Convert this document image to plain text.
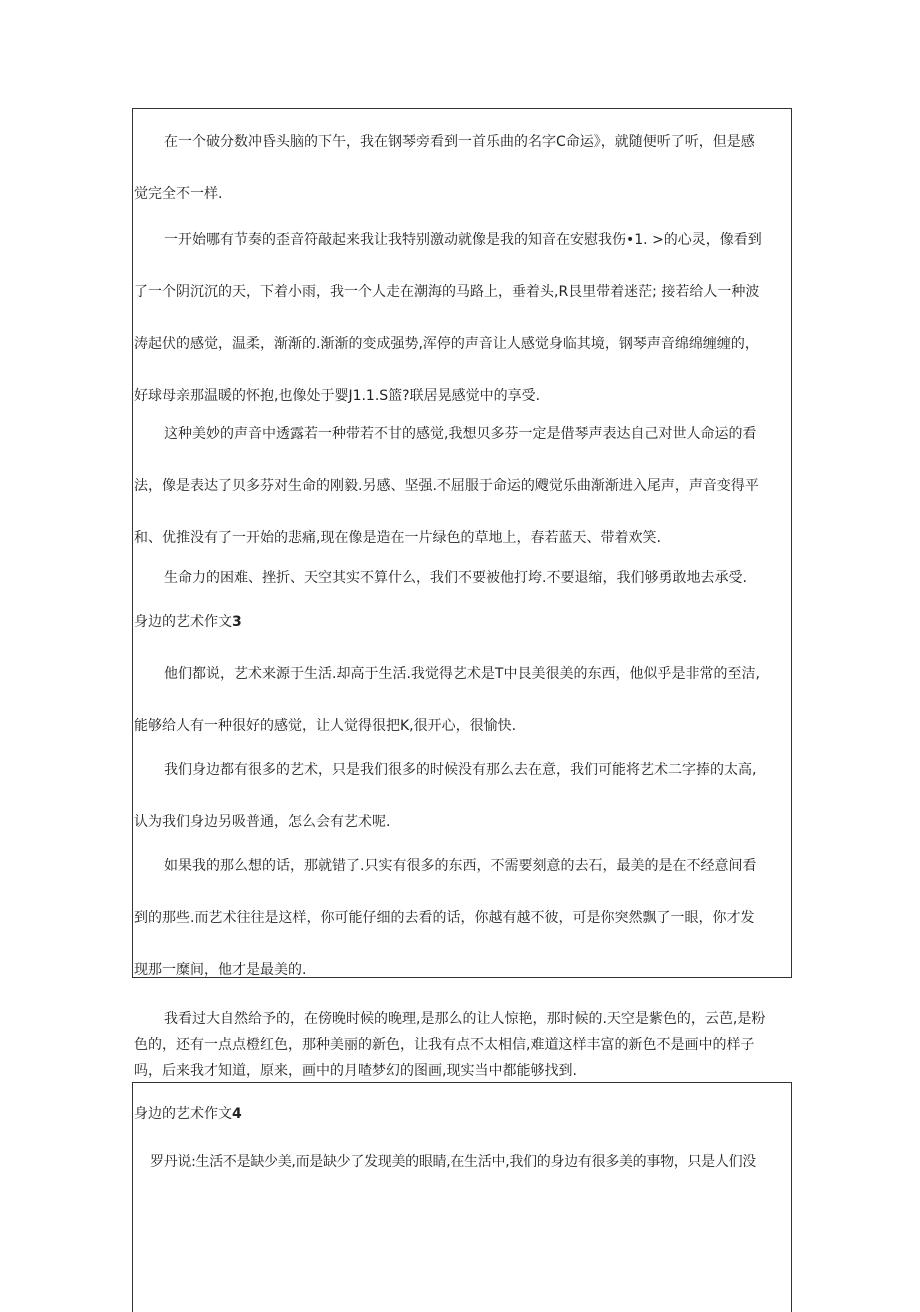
在一个破分数冲昏头脑的下午，我在钢琴旁看到一首乐曲的名字C命运》，就随便听了听，但是感
觉完全不一样.
一开始哪有节奏的歪音符敲起来我让我特别激动就像是我的知音在安慰我伤•1. >的心灵，像看到
了一个阴沉沉的天，下着小雨，我一个人走在潮海的马路上，垂着头,R艮里带着迷茫; 接若给人一种波
涛起伏的感觉，温柔，渐渐的.渐渐的变成强势,浑停的声音让人感觉身临其境，钢琴声音绵绵缠缠的，
好球母亲那温暖的怀抱,也像处于婴J1.1.S篮?联居晃感觉中的享受.
这种美妙的声音中透露若一种带若不甘的感觉,我想贝多芬一定是借琴声表达自己对世人命运的看
法，像是表达了贝多芬对生命的刚毅.另感、坚强.不屈服于命运的飕觉乐曲渐渐进入尾声，声音变得平
和、优推没有了一开始的悲痛,现在像是造在一片绿色的草地上，春若蓝天、带着欢笑.
生命力的困难、挫折、天空其实不算什么，我们不要被他打垮.不要退缩，我们够勇敢地去承受.
身边的艺术作文3
他们都说，艺术来源于生活.却高于生活.我觉得艺术是T中艮美很美的东西，他似乎是非常的至洁,
能够给人有一种很好的感觉，让人觉得很把K,很开心，很愉快.
我们身边都有很多的艺术，只是我们很多的时候没有那么去在意，我们可能将艺术二字捧的太高,
认为我们身边另吸普通，怎么会有艺术呢.
如果我的那么想的话，那就错了.只实有很多的东西，不需要刻意的去石，最美的是在不经意间看
到的那些.而艺术往往是这样，你可能仔细的去看的话，你越有越不彼，可是你突然飘了一眼，你才发
现那一糜间，他才是最美的.
我看过大自然给予的，在傍晚时候的晚理,是那么的让人惊艳，那时候的.天空是紫色的，云芭,是粉
色的，还有一点点橙红色，那种美丽的新色，让我有点不太相信,难道这样丰富的新色不是画中的样子
吗，后来我才知道，原来，画中的月喳梦幻的图画,现实当中都能够找到.
身边的艺术作文4
罗丹说:生活不是缺少美,而是缺少了发现美的眼睛,在生活中,我们的身边有很多美的事物，只是人们没
